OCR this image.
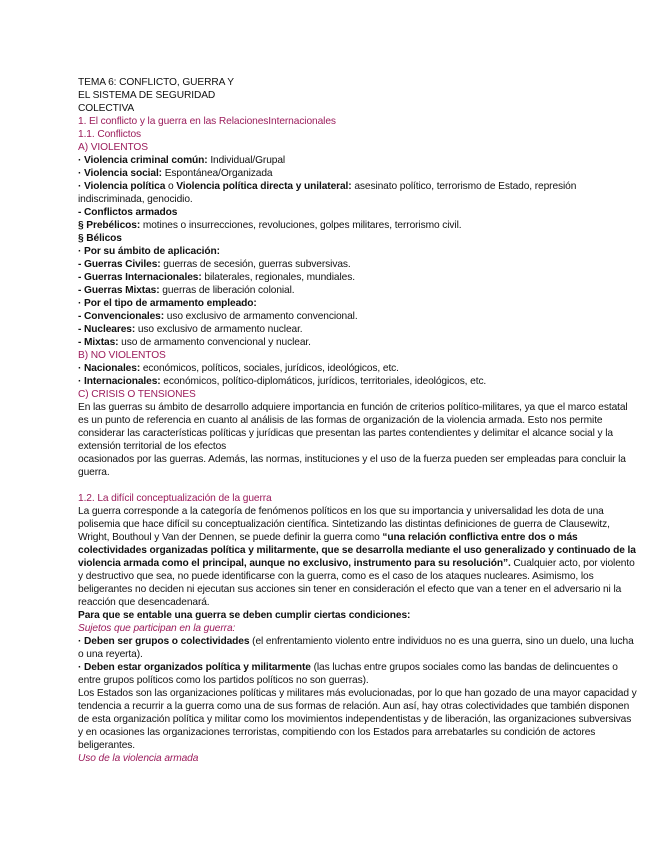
TEMA 6: CONFLICTO, GUERRA Y
EL SISTEMA DE SEGURIDAD
COLECTIVA
1. El conflicto y la guerra en las RelacionesInternacionales
1.1. Conflictos
A) VIOLENTOS
· Violencia criminal común: Individual/Grupal
· Violencia social: Espontánea/Organizada
· Violencia política o Violencia política directa y unilateral: asesinato político, terrorismo de Estado, represión indiscriminada, genocidio.
- Conflictos armados
§ Prebélicos: motines o insurrecciones, revoluciones, golpes militares, terrorismo civil.
§ Bélicos
· Por su ámbito de aplicación:
- Guerras Civiles: guerras de secesión, guerras subversivas.
- Guerras Internacionales: bilaterales, regionales, mundiales.
- Guerras Mixtas: guerras de liberación colonial.
· Por el tipo de armamento empleado:
- Convencionales: uso exclusivo de armamento convencional.
- Nucleares: uso exclusivo de armamento nuclear.
- Mixtas: uso de armamento convencional y nuclear.
B) NO VIOLENTOS
· Nacionales: económicos, políticos, sociales, jurídicos, ideológicos, etc.
· Internacionales: económicos, político-diplomáticos, jurídicos, territoriales, ideológicos, etc.
C) CRISIS O TENSIONES
En las guerras su ámbito de desarrollo adquiere importancia en función de criterios político-militares, ya que el marco estatal es un punto de referencia en cuanto al análisis de las formas de organización de la violencia armada. Esto nos permite considerar las características políticas y jurídicas que presentan las partes contendientes y delimitar el alcance social y la extensión territorial de los efectos
ocasionados por las guerras. Además, las normas, instituciones y el uso de la fuerza pueden ser empleadas para concluir la guerra.
1.2. La difícil conceptualización de la guerra
La guerra corresponde a la categoría de fenómenos políticos en los que su importancia y universalidad les dota de una polisemia que hace difícil su conceptualización científica. Sintetizando las distintas definiciones de guerra de Clausewitz, Wright, Bouthoul y Van der Dennen, se puede definir la guerra como “una relación conflictiva entre dos o más colectividades organizadas política y militarmente, que se desarrolla mediante el uso generalizado y continuado de la violencia armada como el principal, aunque no exclusivo, instrumento para su resolución”. Cualquier acto, por violento y destructivo que sea, no puede identificarse con la guerra, como es el caso de los ataques nucleares. Asimismo, los beligerantes no deciden ni ejecutan sus acciones sin tener en consideración el efecto que van a tener en el adversario ni la reacción que desencadenará.
Para que se entable una guerra se deben cumplir ciertas condiciones:
Sujetos que participan en la guerra:
· Deben ser grupos o colectividades (el enfrentamiento violento entre individuos no es una guerra, sino un duelo, una lucha o una reyerta).
· Deben estar organizados política y militarmente (las luchas entre grupos sociales como las bandas de delincuentes o entre grupos políticos como los partidos políticos no son guerras).
Los Estados son las organizaciones políticas y militares más evolucionadas, por lo que han gozado de una mayor capacidad y tendencia a recurrir a la guerra como una de sus formas de relación. Aun así, hay otras colectividades que también disponen de esta organización política y militar como los movimientos independentistas y de liberación, las organizaciones subversivas y en ocasiones las organizaciones terroristas, compitiendo con los Estados para arrebatarles su condición de actores beligerantes.
Uso de la violencia armada
